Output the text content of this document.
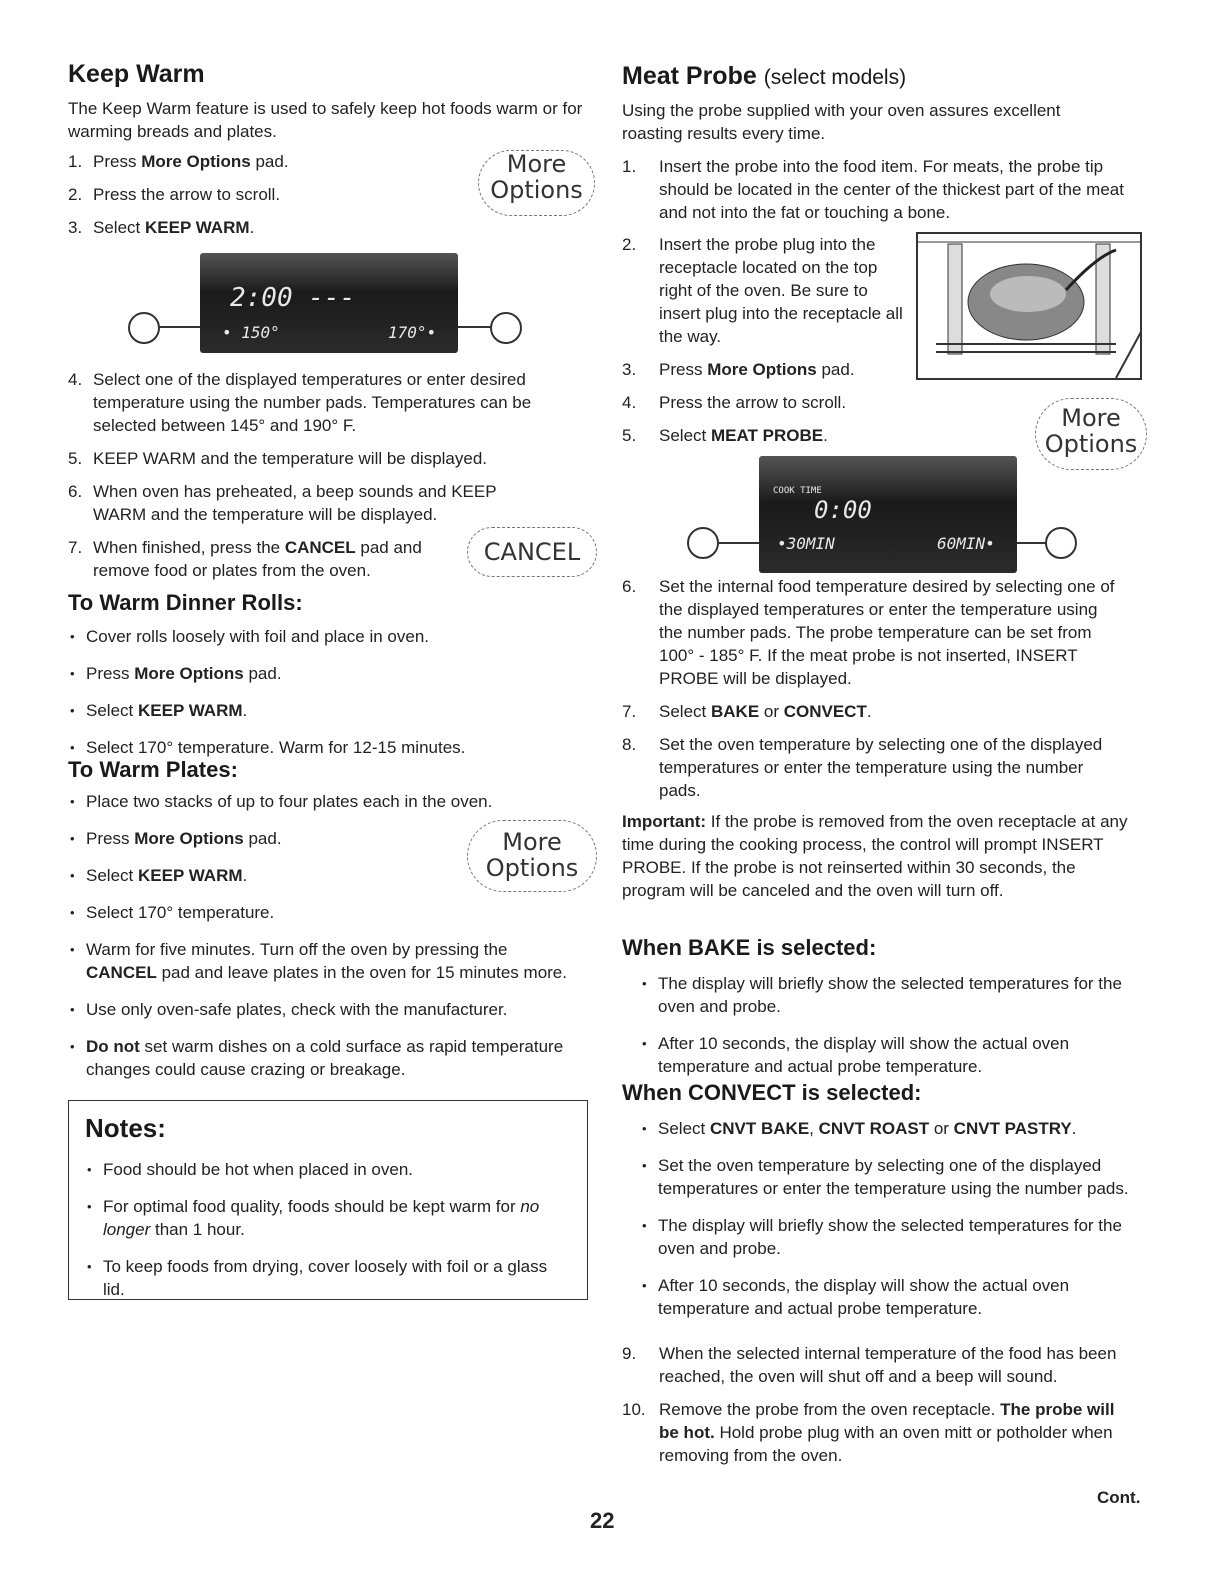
Keep Warm

The Keep Warm feature is used to safely keep hot foods warm or for warming breads and plates.

1. Press More Options pad.
2. Press the arrow to scroll.
3. Select KEEP WARM.
More
Options
2:00 ---
• 150°	170°•
4. Select one of the displayed temperatures or enter desired temperature using the number pads. Temperatures can be selected between 145° and 190° F.
5. KEEP WARM and the temperature will be displayed.
6. When oven has preheated, a beep sounds and KEEP WARM and the temperature will be displayed.
7. When finished, press the CANCEL pad and remove food or plates from the oven.
CANCEL
To Warm Dinner Rolls:
• Cover rolls loosely with foil and place in oven.
• Press More Options pad.
• Select KEEP WARM.
• Select 170° temperature. Warm for 12-15 minutes.
To Warm Plates:
• Place two stacks of up to four plates each in the oven.
• Press More Options pad.
• Select KEEP WARM.
• Select 170° temperature.
• Warm for five minutes. Turn off the oven by pressing the CANCEL pad and leave plates in the oven for 15 minutes more.
• Use only oven-safe plates, check with the manufacturer.
• Do not set warm dishes on a cold surface as rapid temperature changes could cause crazing or breakage.
More
Options
Notes:
• Food should be hot when placed in oven.
• For optimal food quality, foods should be kept warm for no longer than 1 hour.
• To keep foods from drying, cover loosely with foil or a glass lid.
Meat Probe (select models)

Using the probe supplied with your oven assures excellent roasting results every time.

1. Insert the probe into the food item. For meats, the probe tip should be located in the center of the thickest part of the meat and not into the fat or touching a bone.
2. Insert the probe plug into the receptacle located on the top right of the oven. Be sure to insert plug into the receptacle all the way.
3. Press More Options pad.
4. Press the arrow to scroll.
5. Select MEAT PROBE.
More
Options
COOK TIME
0:00
•30MIN	60MIN•
6. Set the internal food temperature desired by selecting one of the displayed temperatures or enter the temperature using the number pads. The probe temperature can be set from 100° - 185° F. If the meat probe is not inserted, INSERT PROBE will be displayed.
7. Select BAKE or CONVECT.
8. Set the oven temperature by selecting one of the displayed temperatures or enter the temperature using the number pads.

Important: If the probe is removed from the oven receptacle at any time during the cooking process, the control will prompt INSERT PROBE. If the probe is not reinserted within 30 seconds, the program will be canceled and the oven will turn off.

When BAKE is selected:
• The display will briefly show the selected temperatures for the oven and probe.
• After 10 seconds, the display will show the actual oven temperature and actual probe temperature.
When CONVECT is selected:
• Select CNVT BAKE, CNVT ROAST or CNVT PASTRY.
• Set the oven temperature by selecting one of the displayed temperatures or enter the temperature using the number pads.
• The display will briefly show the selected temperatures for the oven and probe.
• After 10 seconds, the display will show the actual oven temperature and actual probe temperature.
9. When the selected internal temperature of the food has been reached, the oven will shut off and a beep will sound.
10. Remove the probe from the oven receptacle. The probe will be hot. Hold probe plug with an oven mitt or potholder when removing from the oven.
Cont.
22
